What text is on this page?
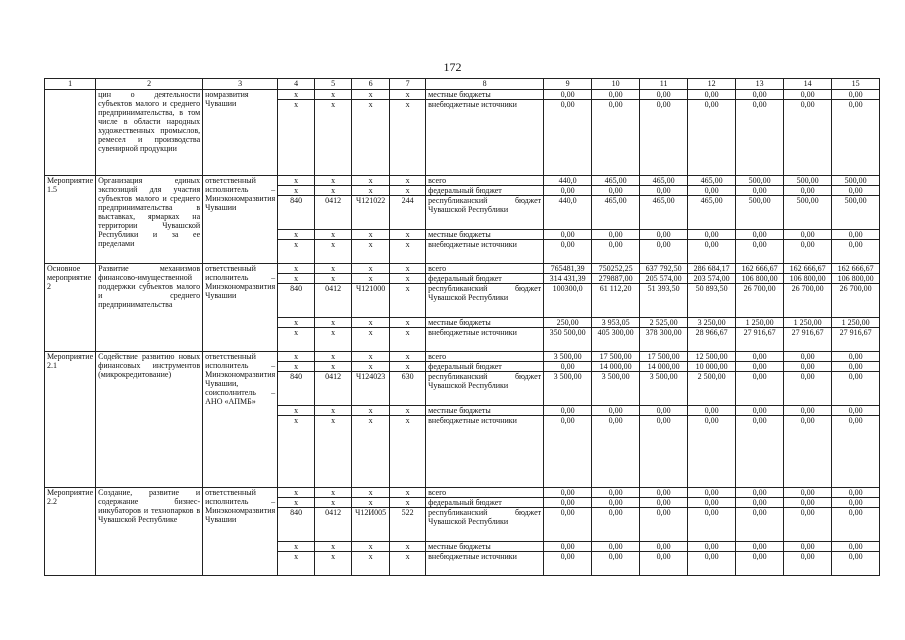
172
1	2	3	4	5	6	7	8	9	10	11	12	13	14	15
	цин о деятельности субъектов малого и среднего предпринимательства, в том числе в области народных художественных промыслов, ремесел и производства сувенирной продукции	номразвития Чувашии	x	x	x	x	местные бюджеты	0,00	0,00	0,00	0,00	0,00	0,00	0,00
			x	x	x	x	внебюджетные источники	0,00	0,00	0,00	0,00	0,00	0,00	0,00
Мероприятие 1.5	Организация единых экспозиций для участия субъектов малого и среднего предпринимательства в выставках, ярмарках на территории Чувашской Республики и за ее пределами	ответственный исполнитель – Минэкономразвития Чувашии	x	x	x	x	всего	440,0	465,00	465,00	465,00	500,00	500,00	500,00
			x	x	x	x	федеральный бюджет	0,00	0,00	0,00	0,00	0,00	0,00	0,00
			840	0412	Ч121022	244	республиканский бюджет Чувашской Республики	440,0	465,00	465,00	465,00	500,00	500,00	500,00
			x	x	x	x	местные бюджеты	0,00	0,00	0,00	0,00	0,00	0,00	0,00
			x	x	x	x	внебюджетные источники	0,00	0,00	0,00	0,00	0,00	0,00	0,00
Основное мероприятие 2	Развитие механизмов финансово-имущественной поддержки субъектов малого и среднего предпринимательства	ответственный исполнитель – Минэкономразвития Чувашии	x	x	x	x	всего	765481,39	750252,25	637 792,50	286 684,17	162 666,67	162 666,67	162 666,67
			x	x	x	x	федеральный бюджет	314 431,39	279887,00	205 574,00	203 574,00	106 800,00	106 800,00	106 800,00
			840	0412	Ч121000	x	республиканский бюджет Чувашской Республики	100300,0	61 112,20	51 393,50	50 893,50	26 700,00	26 700,00	26 700,00
			x	x	x	x	местные бюджеты	250,00	3 953,05	2 525,00	3 250,00	1 250,00	1 250,00	1 250,00
			x	x	x	x	внебюджетные источники	350 500,00	405 300,00	378 300,00	28 966,67	27 916,67	27 916,67	27 916,67
Мероприятие 2.1	Содействие развитию новых финансовых инструментов (микрокредитование)	ответственный исполнитель – Минэкономразвития Чувашии, соисполнитель – АНО «АПМБ»	x	x	x	x	всего	3 500,00	17 500,00	17 500,00	12 500,00	0,00	0,00	0,00
			x	x	x	x	федеральный бюджет	0,00	14 000,00	14 000,00	10 000,00	0,00	0,00	0,00
			840	0412	Ч124023	630	республиканский бюджет Чувашской Республики	3 500,00	3 500,00	3 500,00	2 500,00	0,00	0,00	0,00
			x	x	x	x	местные бюджеты	0,00	0,00	0,00	0,00	0,00	0,00	0,00
			x	x	x	x	внебюджетные источники	0,00	0,00	0,00	0,00	0,00	0,00	0,00
Мероприятие 2.2	Создание, развитие и содержание бизнес-инкубаторов и технопарков в Чувашской Республике	ответственный исполнитель – Минэкономразвития Чувашии	x	x	x	x	всего	0,00	0,00	0,00	0,00	0,00	0,00	0,00
			x	x	x	x	федеральный бюджет	0,00	0,00	0,00	0,00	0,00	0,00	0,00
			840	0412	Ч12И005	522	республиканский бюджет Чувашской Республики	0,00	0,00	0,00	0,00	0,00	0,00	0,00
			x	x	x	x	местные бюджеты	0,00	0,00	0,00	0,00	0,00	0,00	0,00
			x	x	x	x	внебюджетные источники	0,00	0,00	0,00	0,00	0,00	0,00	0,00
